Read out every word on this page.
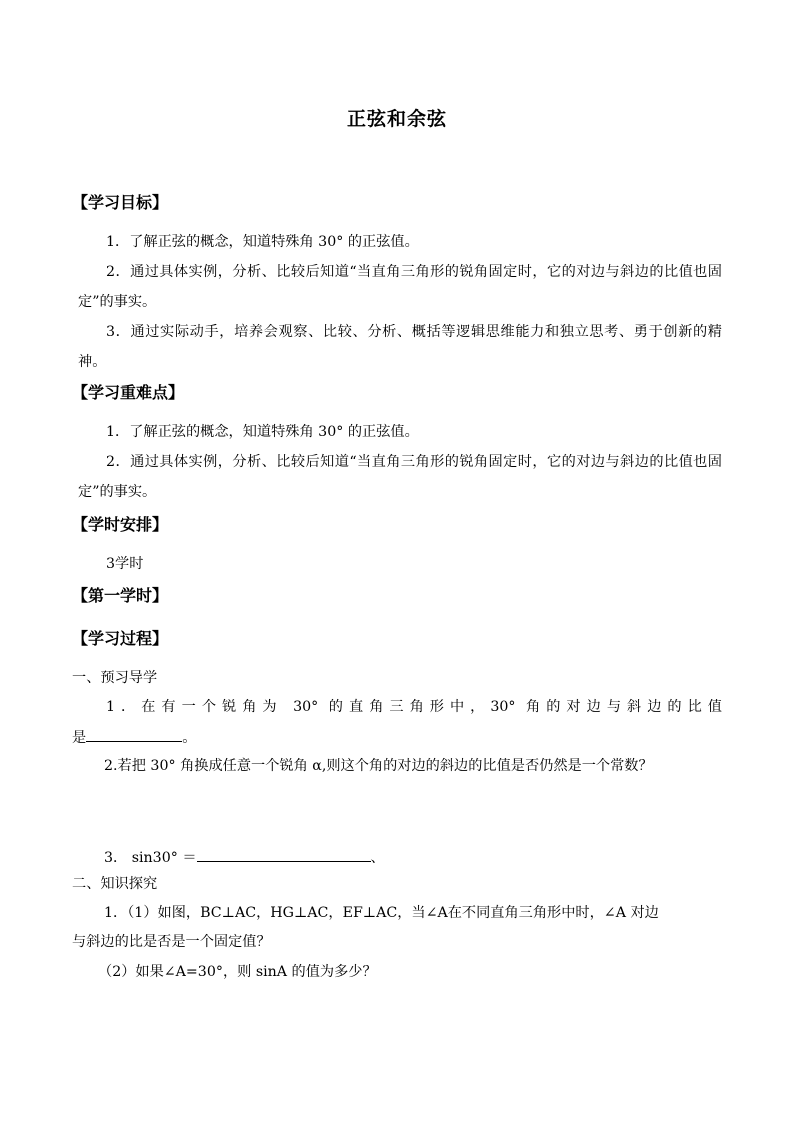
正弦和余弦
【学习目标】
1．了解正弦的概念，知道特殊角 30° 的正弦值。
2．通过具体实例，分析、比较后知道“当直角三角形的锐角固定时，它的对边与斜边的比值也固定”的事实。
3．通过实际动手，培养会观察、比较、分析、概括等逻辑思维能力和独立思考、勇于创新的精神。
【学习重难点】
1．了解正弦的概念，知道特殊角 30° 的正弦值。
2．通过具体实例，分析、比较后知道“当直角三角形的锐角固定时，它的对边与斜边的比值也固定”的事实。
【学时安排】
3学时
【第一学时】
【学习过程】
一、预习导学
1．在有一个锐角为 30° 的直角三角形中，30° 角的对边与斜边的比值
是	。
2.若把 30° 角换成任意一个锐角 α,则这个角的对边的斜边的比值是否仍然是一个常数？
3． sin30° ＝	、
二、知识探究
1．（1）如图，BC⊥AC，HG⊥AC，EF⊥AC，当∠A在不同直角三角形中时，∠A 对边
与斜边的比是否是一个固定值？
（2）如果∠A=30°，则 sinA 的值为多少？
